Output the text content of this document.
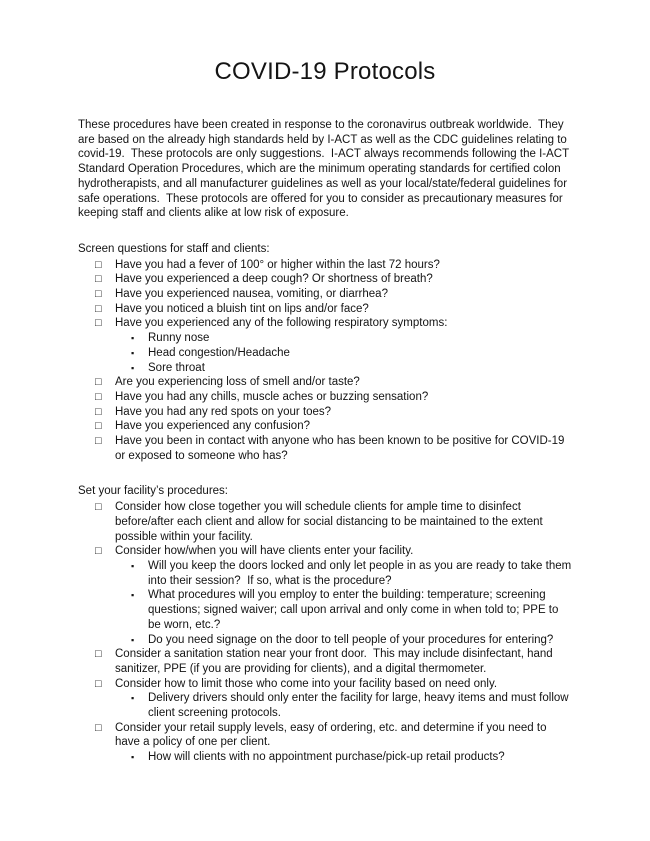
COVID-19 Protocols

These procedures have been created in response to the coronavirus outbreak worldwide.  They are based on the already high standards held by I-ACT as well as the CDC guidelines relating to covid-19.  These protocols are only suggestions.  I-ACT always recommends following the I-ACT Standard Operation Procedures, which are the minimum operating standards for certified colon hydrotherapists, and all manufacturer guidelines as well as your local/state/federal guidelines for safe operations.  These protocols are offered for you to consider as precautionary measures for keeping staff and clients alike at low risk of exposure.

Screen questions for staff and clients:
□	Have you had a fever of 100° or higher within the last 72 hours?
□	Have you experienced a deep cough? Or shortness of breath?
□	Have you experienced nausea, vomiting, or diarrhea?
□	Have you noticed a bluish tint on lips and/or face?
□	Have you experienced any of the following respiratory symptoms:
▪	Runny nose
▪	Head congestion/Headache
▪	Sore throat
□	Are you experiencing loss of smell and/or taste?
□	Have you had any chills, muscle aches or buzzing sensation?
□	Have you had any red spots on your toes?
□	Have you experienced any confusion?
□	Have you been in contact with anyone who has been known to be positive for COVID-19 or exposed to someone who has?
Set your facility’s procedures:
□	Consider how close together you will schedule clients for ample time to disinfect before/after each client and allow for social distancing to be maintained to the extent possible within your facility.
□	Consider how/when you will have clients enter your facility.
▪	Will you keep the doors locked and only let people in as you are ready to take them into their session?  If so, what is the procedure?
▪	What procedures will you employ to enter the building: temperature; screening questions; signed waiver; call upon arrival and only come in when told to; PPE to be worn, etc.?
▪	Do you need signage on the door to tell people of your procedures for entering?
□	Consider a sanitation station near your front door.  This may include disinfectant, hand sanitizer, PPE (if you are providing for clients), and a digital thermometer.
□	Consider how to limit those who come into your facility based on need only.
▪	Delivery drivers should only enter the facility for large, heavy items and must follow client screening protocols.
□	Consider your retail supply levels, easy of ordering, etc. and determine if you need to have a policy of one per client.
▪	How will clients with no appointment purchase/pick-up retail products?
